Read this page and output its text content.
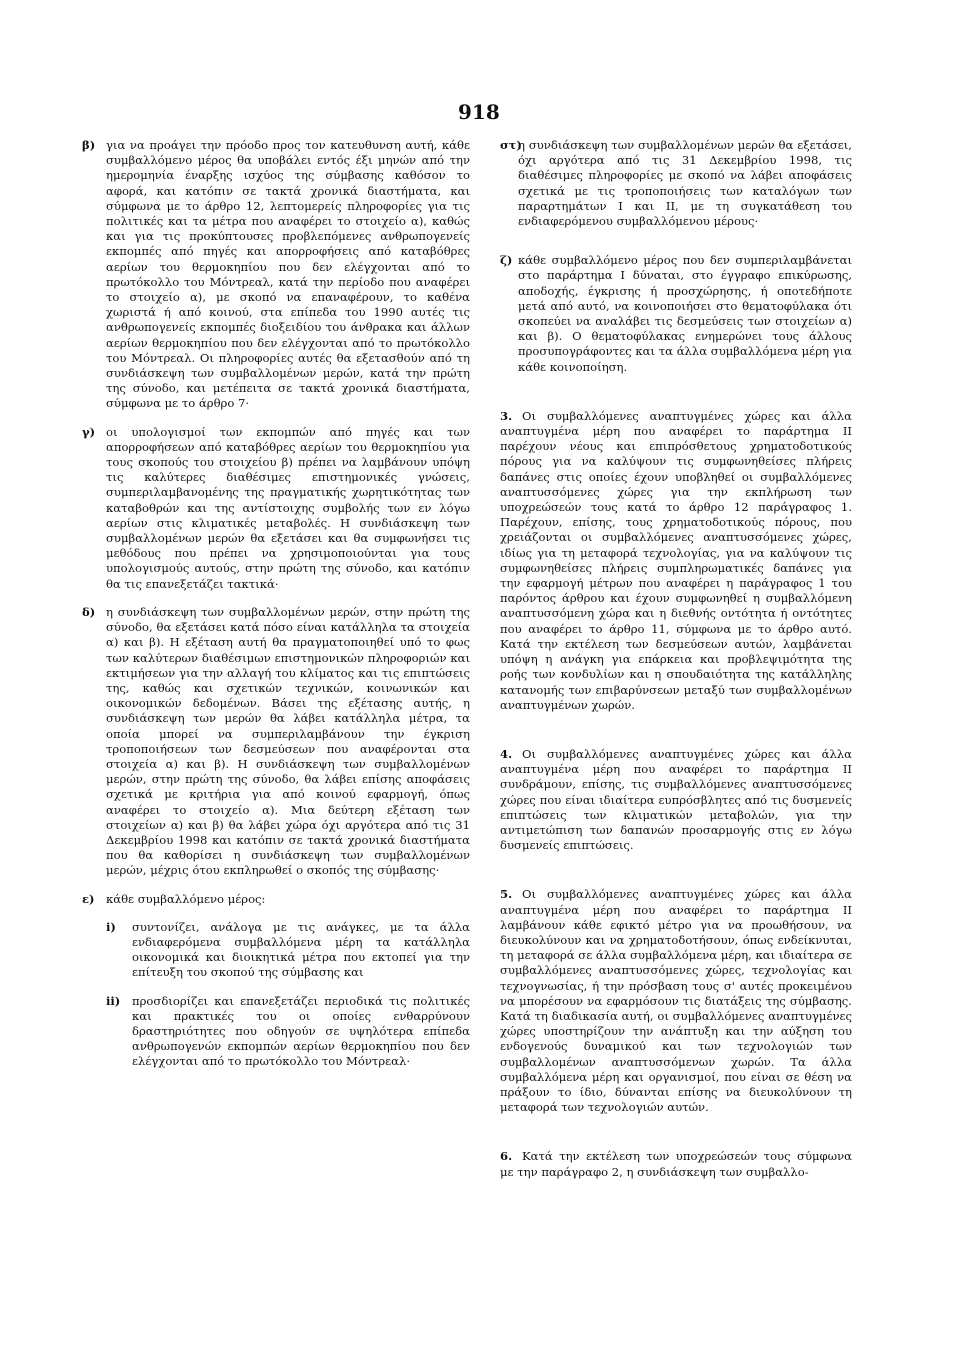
918
β) για να προάγει την πρόοδο προς τον κατευθυνση αυτή, κάθε συμβαλλόμενο μέρος θα υποβάλει εντός έξι μηνών από την ημερομηνία έναρξης ισχύος της σύμβασης καθόσον το αφορά, και κατόπιν σε τακτά χρονικά διαστήματα, και σύμφωνα με το άρθρο 12, λεπτομερείς πληροφορίες για τις πολιτικές και τα μέτρα που αναφέρει το στοιχείο α), καθώς και για τις προκύπτουσες προβλεπόμενες ανθρωπογενείς εκπομπές από πηγές και απορροφήσεις από καταβόθρες αερίων του θερμοκηπίου που δεν ελέγχονται από το πρωτόκολλο του Μόντρεαλ, κατά την περίοδο που αναφέρει το στοιχείο α), με σκοπό να επαναφέρουν, το καθένα χωριστά ή από κοινού, στα επίπεδα του 1990 αυτές τις ανθρωπογενείς εκπομπές διοξειδίου του άνθρακα και άλλων αερίων θερμοκηπίου που δεν ελέγχονται από το πρωτόκολλο του Μόντρεαλ. Οι πληροφορίες αυτές θα εξετασθούν από τη συνδιάσκεψη των συμβαλλομένων μερών, κατά την πρώτη της σύνοδο, και μετέπειτα σε τακτά χρονικά διαστήματα, σύμφωνα με το άρθρο 7·
γ) οι υπολογισμοί των εκπομπών από πηγές και των απορροφήσεων από καταβόθρες αερίων του θερμοκηπίου για τους σκοπούς του στοιχείου β) πρέπει να λαμβάνουν υπόψη τις καλύτερες διαθέσιμες επιστημονικές γνώσεις, συμπεριλαμβανομένης της πραγματικής χωρητικότητας των καταβοθρών και της αντίστοιχης συμβολής των εν λόγω αερίων στις κλιματικές μεταβολές. Η συνδιάσκεψη των συμβαλλομένων μερών θα εξετάσει και θα συμφωνήσει τις μεθόδους που πρέπει να χρησιμοποιούνται για τους υπολογισμούς αυτούς, στην πρώτη της σύνοδο, και κατόπιν θα τις επανεξετάζει τακτικά·
δ) η συνδιάσκεψη των συμβαλλομένων μερών, στην πρώτη της σύνοδο, θα εξετάσει κατά πόσο είναι κατάλληλα τα στοιχεία α) και β). Η εξέταση αυτή θα πραγματοποιηθεί υπό το φως των καλύτερων διαθέσιμων επιστημονικών πληροφοριών και εκτιμήσεων για την αλλαγή του κλίματος και τις επιπτώσεις της, καθώς και σχετικών τεχνικών, κοινωνικών και οικονομικών δεδομένων. Βάσει της εξέτασης αυτής, η συνδιάσκεψη των μερών θα λάβει κατάλληλα μέτρα, τα οποία μπορεί να συμπεριλαμβάνουν την έγκριση τροποποιήσεων των δεσμεύσεων που αναφέρονται στα στοιχεία α) και β). Η συνδιάσκεψη των συμβαλλομένων μερών, στην πρώτη της σύνοδο, θα λάβει επίσης αποφάσεις σχετικά με κριτήρια για από κοινού εφαρμογή, όπως αναφέρει το στοιχείο α). Μια δεύτερη εξέταση των στοιχείων α) και β) θα λάβει χώρα όχι αργότερα από τις 31 Δεκεμβρίου 1998 και κατόπιν σε τακτά χρονικά διαστήματα που θα καθορίσει η συνδιάσκεψη των συμβαλλομένων μερών, μέχρις ότου εκπληρωθεί ο σκοπός της σύμβασης·
ε) κάθε συμβαλλόμενο μέρος:
i) συντονίζει, ανάλογα με τις ανάγκες, με τα άλλα ενδιαφερόμενα συμβαλλόμενα μέρη τα κατάλληλα οικονομικά και διοικητικά μέτρα που εκτοπεί για την επίτευξη του σκοπού της σύμβασης και
ii) προσδιορίζει και επανεξετάζει περιοδικά τις πολιτικές και πρακτικές του οι οποίες ενθαρρύνουν δραστηριότητες που οδηγούν σε υψηλότερα επίπεδα ανθρωπογενών εκπομπών αερίων θερμοκηπίου που δεν ελέγχονται από το πρωτόκολλο του Μόντρεαλ·
στ)
η συνδιάσκεψη των συμβαλλομένων μερών θα εξετάσει, όχι αργότερα από τις 31 Δεκεμβρίου 1998, τις διαθέσιμες πληροφορίες με σκοπό να λάβει αποφάσεις σχετικά με τις τροποποιήσεις των καταλόγων των παραρτημάτων I και II, με τη συγκατάθεση του ενδιαφερόμενου συμβαλλόμενου μέρους·
ζ) κάθε συμβαλλόμενο μέρος που δεν συμπεριλαμβάνεται στο παράρτημα I δύναται, στο έγγραφο επικύρωσης, αποδοχής, έγκρισης ή προσχώρησης, ή οποτεδήποτε μετά από αυτό, να κοινοποιήσει στο θεματοφύλακα ότι σκοπεύει να αναλάβει τις δεσμεύσεις των στοιχείων α) και β). Ο θεματοφύλακας ενημερώνει τους άλλους προσυπογράφοντες και τα άλλα συμβαλλόμενα μέρη για κάθε κοινοποίηση.
3. Οι συμβαλλόμενες αναπτυγμένες χώρες και άλλα αναπτυγμένα μέρη που αναφέρει το παράρτημα II παρέχουν νέους και επιπρόσθετους χρηματοδοτικούς πόρους για να καλύψουν τις συμφωνηθείσες πλήρεις δαπάνες στις οποίες έχουν υποβληθεί οι συμβαλλόμενες αναπτυσσόμενες χώρες για την εκπλήρωση των υποχρεώσεών τους κατά το άρθρο 12 παράγραφος 1. Παρέχουν, επίσης, τους χρηματοδοτικούς πόρους, που χρειάζονται οι συμβαλλόμενες αναπτυσσόμενες χώρες, ιδίως για τη μεταφορά τεχνολογίας, για να καλύψουν τις συμφωνηθείσες πλήρεις συμπληρωματικές δαπάνες για την εφαρμογή μέτρων που αναφέρει η παράγραφος 1 του παρόντος άρθρου και έχουν συμφωνηθεί η συμβαλλόμενη αναπτυσσόμενη χώρα και η διεθνής οντότητα ή οντότητες που αναφέρει το άρθρο 11, σύμφωνα με το άρθρο αυτό. Κατά την εκτέλεση των δεσμεύσεων αυτών, λαμβάνεται υπόψη η ανάγκη για επάρκεια και προβλεψιμότητα της ροής των κονδυλίων και η σπουδαιότητα της κατάλληλης κατανομής των επιβαρύνσεων μεταξύ των συμβαλλομένων αναπτυγμένων χωρών.
4. Οι συμβαλλόμενες αναπτυγμένες χώρες και άλλα αναπτυγμένα μέρη που αναφέρει το παράρτημα II συνδράμουν, επίσης, τις συμβαλλόμενες αναπτυσσόμενες χώρες που είναι ιδιαίτερα ευπρόσβλητες από τις δυσμενείς επιπτώσεις των κλιματικών μεταβολών, για την αντιμετώπιση των δαπανών προσαρμογής στις εν λόγω δυσμενείς επιπτώσεις.
5. Οι συμβαλλόμενες αναπτυγμένες χώρες και άλλα αναπτυγμένα μέρη που αναφέρει το παράρτημα II λαμβάνουν κάθε εφικτό μέτρο για να προωθήσουν, να διευκολύνουν και να χρηματοδοτήσουν, όπως ενδείκνυται, τη μεταφορά σε άλλα συμβαλλόμενα μέρη, και ιδιαίτερα σε συμβαλλόμενες αναπτυσσόμενες χώρες, τεχνολογίας και τεχνογνωσίας, ή την πρόσβαση τους σ' αυτές προκειμένου να μπορέσουν να εφαρμόσουν τις διατάξεις της σύμβασης. Κατά τη διαδικασία αυτή, οι συμβαλλόμενες αναπτυγμένες χώρες υποστηρίζουν την ανάπτυξη και την αύξηση του ενδογενούς δυναμικού και των τεχνολογιών των συμβαλλομένων αναπτυσσόμενων χωρών. Τα άλλα συμβαλλόμενα μέρη και οργανισμοί, που είναι σε θέση να πράξουν το ίδιο, δύνανται επίσης να διευκολύνουν τη μεταφορά των τεχνολογιών αυτών.
6. Κατά την εκτέλεση των υποχρεώσεών τους σύμφωνα με την παράγραφο 2, η συνδιάσκεψη των συμβαλλο-
